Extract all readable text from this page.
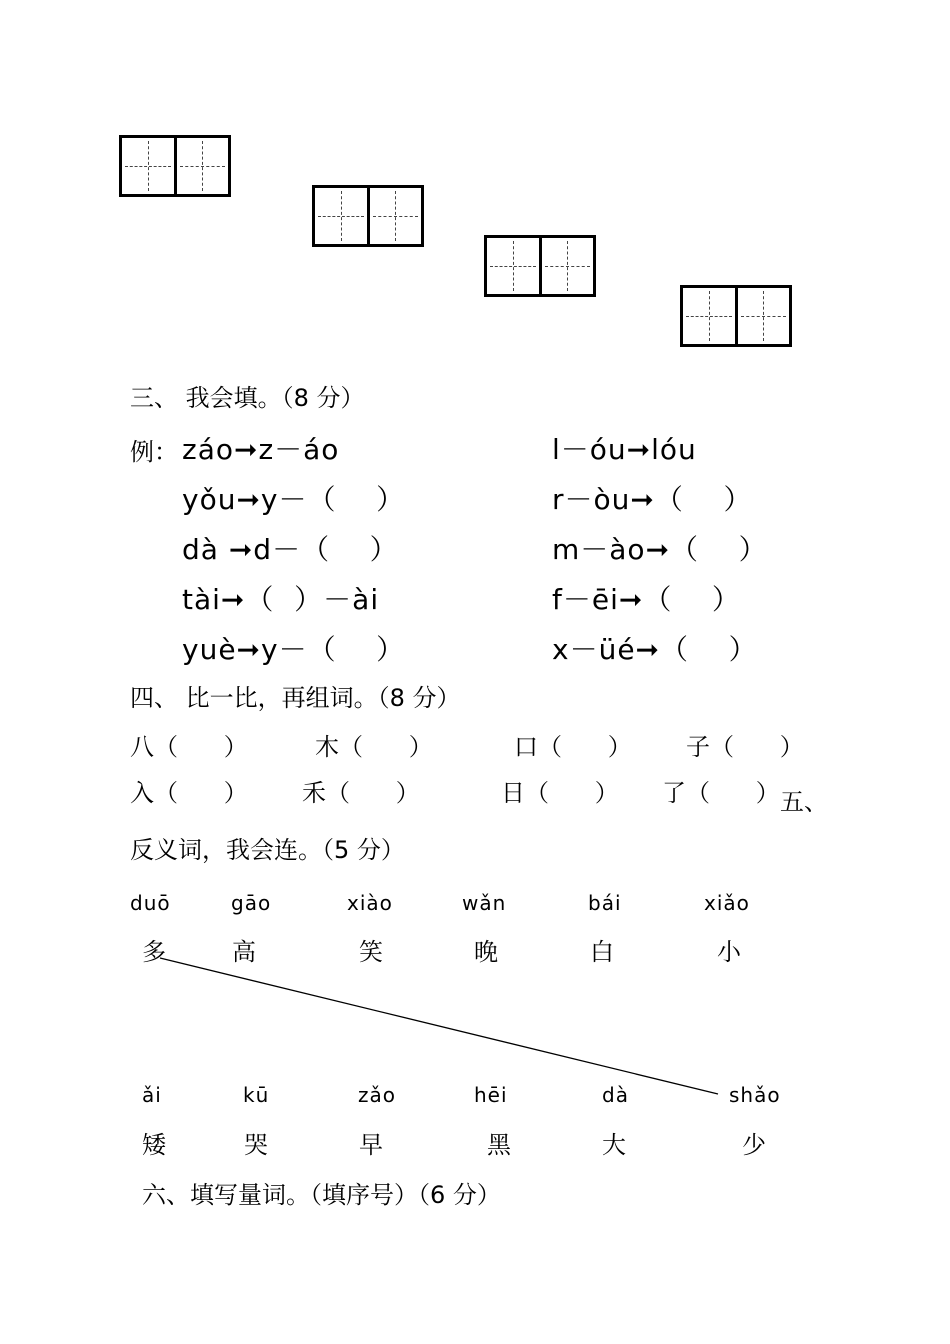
三、 我会填。（8 分）
例： záo➞z－áo	l－óu➞lóu
yǒu➞y－（    ）	r－òu➞（    ）
dà ➞d－（    ）	m－ào➞（    ）
tài➞（  ）－ài	f－ēi➞（    ）
yuè➞y－（    ）	x－üé➞（    ）
四、 比一比，再组词。（8 分）
八（      ）	木（      ）	口（      ） 子（      ）
入（      ） 禾（      ）	日（      ） 了（      ） 五、
反义词，我会连。（5 分）
duō	gāo	xiào	wǎn	bái	xiǎo
多	高	笑	晚	白	小
ǎi	kū	zǎo	hēi	dà	shǎo
矮	哭	早	黑	大	少
六、填写量词。（填序号）（6 分）
